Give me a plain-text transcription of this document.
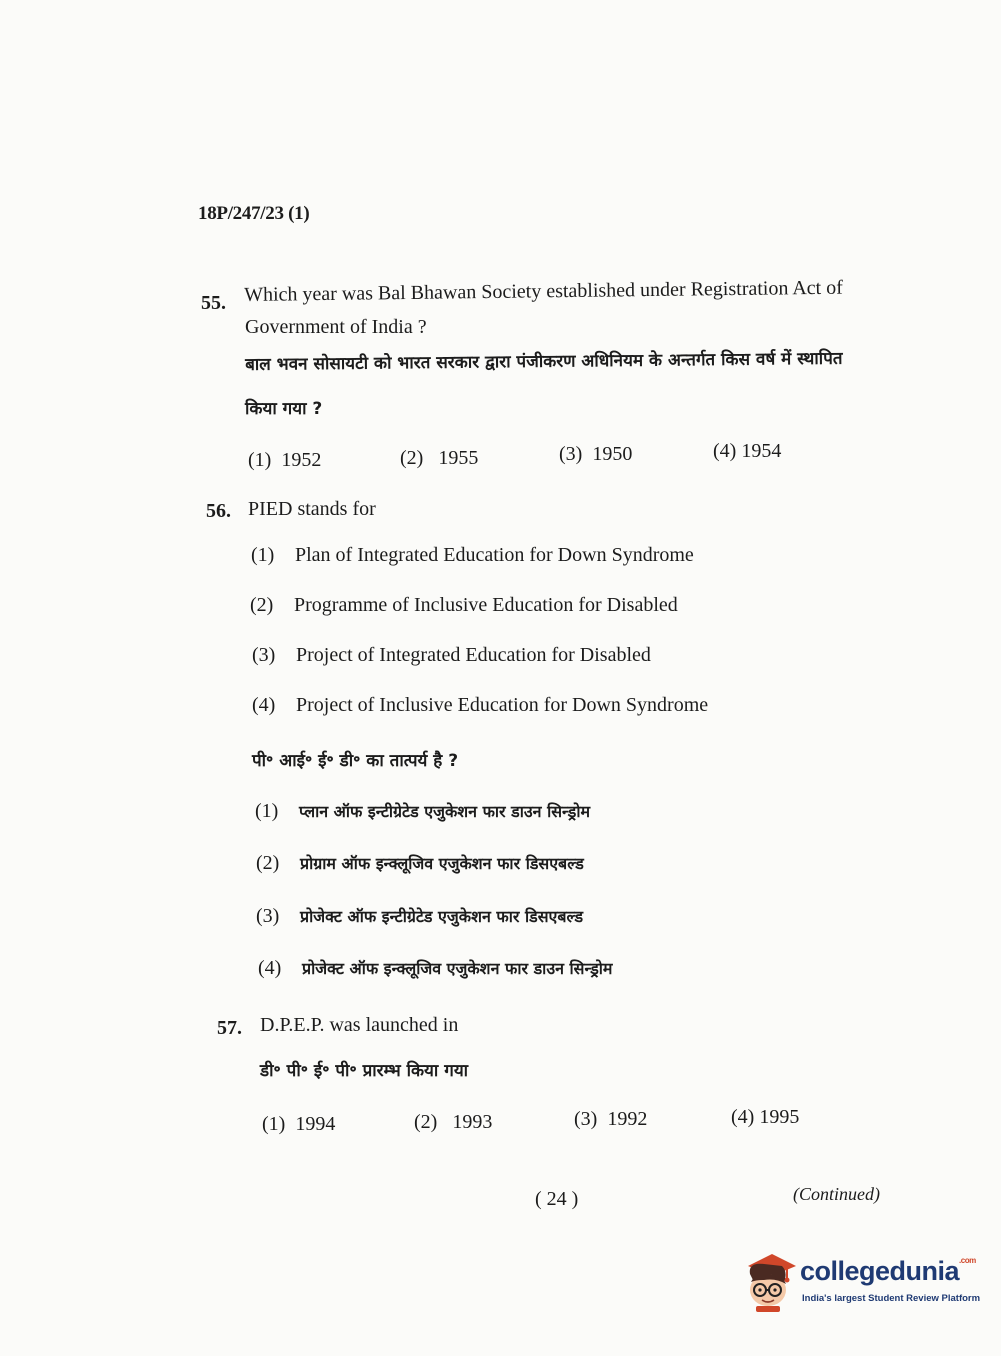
18P/247/23 (1)
55. Which year was Bal Bhawan Society established under Registration Act of
Government of India ?
बाल भवन सोसायटी को भारत सरकार द्वारा पंजीकरण अधिनियम के अन्तर्गत किस वर्ष में स्थापित
किया गया ?
(1) 1952	(2) 1955	(3) 1950	(4) 1954
56. PIED stands for
(1) Plan of Integrated Education for Down Syndrome
(2) Programme of Inclusive Education for Disabled
(3) Project of Integrated Education for Disabled
(4) Project of Inclusive Education for Down Syndrome
पी॰ आई॰ ई॰ डी॰ का तात्पर्य है ?
(1) प्लान ऑफ इन्टीग्रेटेड एजुकेशन फार डाउन सिन्ड्रोम
(2) प्रोग्राम ऑफ इन्क्लूजिव एजुकेशन फार डिसएबल्ड
(3) प्रोजेक्ट ऑफ इन्टीग्रेटेड एजुकेशन फार डिसएबल्ड
(4) प्रोजेक्ट ऑफ इन्क्लूजिव एजुकेशन फार डाउन सिन्ड्रोम
57. D.P.E.P. was launched in
डी॰ पी॰ ई॰ पी॰ प्रारम्भ किया गया
(1) 1994	(2) 1993	(3) 1992	(4) 1995
( 24 )	(Continued)
collegedunia$^{.com}$
India's largest Student Review Platform
